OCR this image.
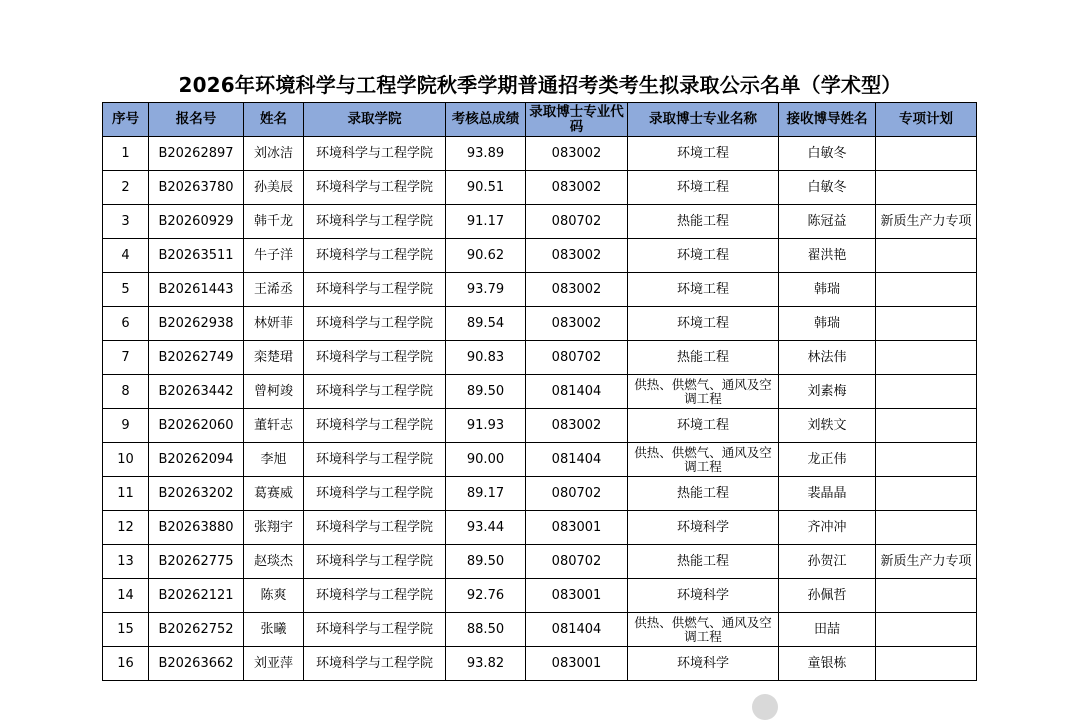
2026年环境科学与工程学院秋季学期普通招考类考生拟录取公示名单（学术型）
序号	报名号	姓名	录取学院	考核总成绩	录取博士专业代码	录取博士专业名称	接收博导姓名	专项计划
1	B20262897	刘冰洁	环境科学与工程学院	93.89	083002	环境工程	白敏冬	
2	B20263780	孙美辰	环境科学与工程学院	90.51	083002	环境工程	白敏冬	
3	B20260929	韩千龙	环境科学与工程学院	91.17	080702	热能工程	陈冠益	新质生产力专项
4	B20263511	牛子洋	环境科学与工程学院	90.62	083002	环境工程	翟洪艳	
5	B20261443	王浠丞	环境科学与工程学院	93.79	083002	环境工程	韩瑞	
6	B20262938	林妍菲	环境科学与工程学院	89.54	083002	环境工程	韩瑞	
7	B20262749	栾楚珺	环境科学与工程学院	90.83	080702	热能工程	林法伟	
8	B20263442	曾柯竣	环境科学与工程学院	89.50	081404	供热、供燃气、通风及空调工程	刘素梅	
9	B20262060	董轩志	环境科学与工程学院	91.93	083002	环境工程	刘轶文	
10	B20262094	李旭	环境科学与工程学院	90.00	081404	供热、供燃气、通风及空调工程	龙正伟	
11	B20263202	葛赛威	环境科学与工程学院	89.17	080702	热能工程	裴晶晶	
12	B20263880	张翔宇	环境科学与工程学院	93.44	083001	环境科学	齐冲冲	
13	B20262775	赵琰杰	环境科学与工程学院	89.50	080702	热能工程	孙贺江	新质生产力专项
14	B20262121	陈爽	环境科学与工程学院	92.76	083001	环境科学	孙佩哲	
15	B20262752	张曦	环境科学与工程学院	88.50	081404	供热、供燃气、通风及空调工程	田喆	
16	B20263662	刘亚萍	环境科学与工程学院	93.82	083001	环境科学	童银栋	
